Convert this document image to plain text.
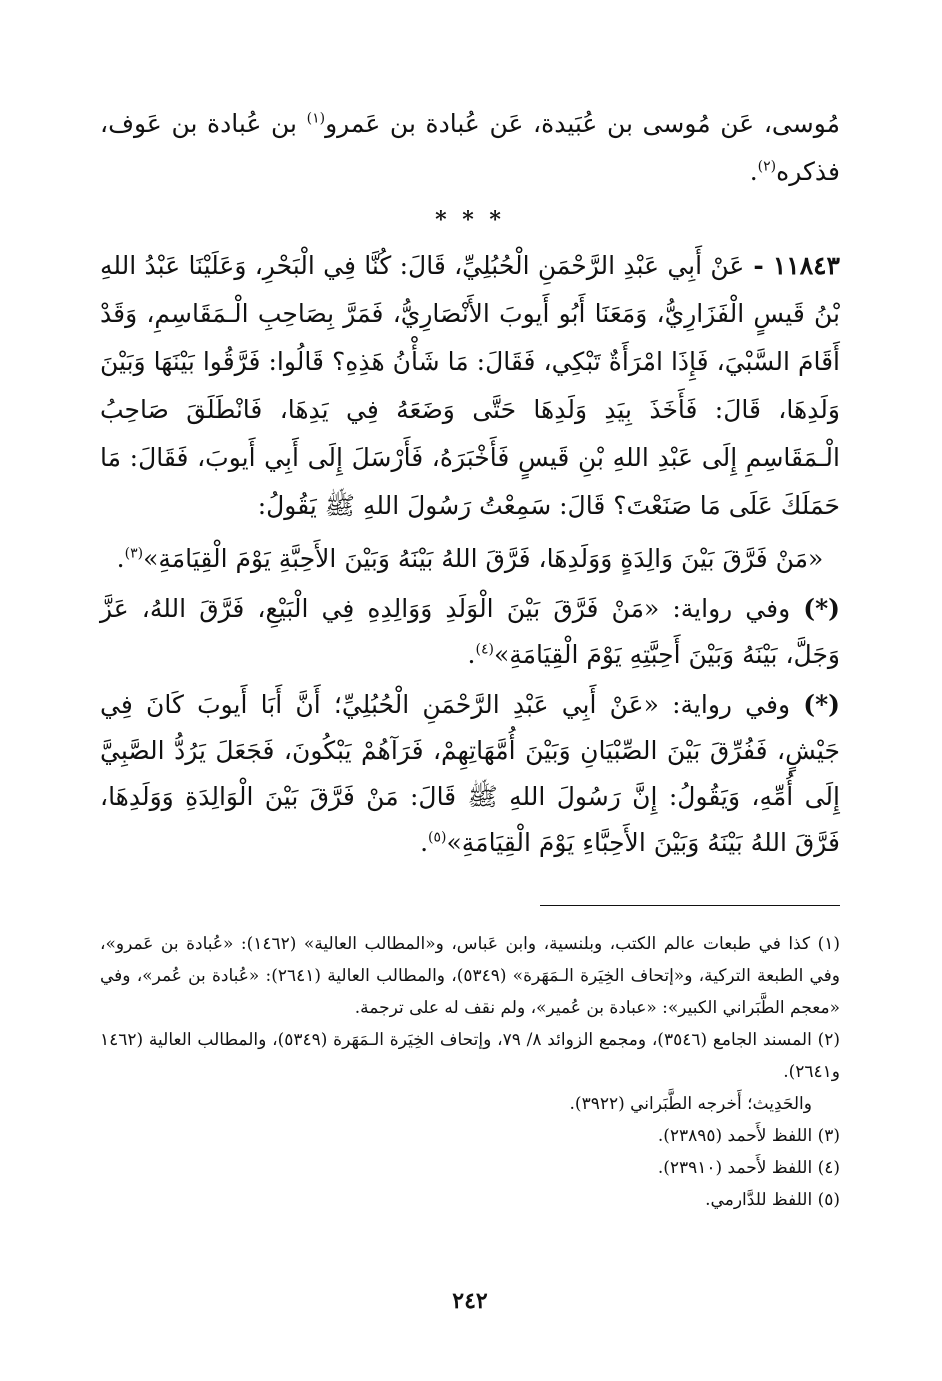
مُوسى، عَن مُوسى بن عُبَيدة، عَن عُبادة بن عَمرو$^{(١)}$ بن عُبادة بن عَوف، فذكره$^{(٢)}$.

* * *

١١٨٤٣ - عَنْ أَبِي عَبْدِ الرَّحْمَنِ الْحُبُلِيِّ، قَالَ: كُنَّا فِي الْبَحْرِ، وَعَلَيْنَا عَبْدُ اللهِ بْنُ قَيسٍ الْفَزَارِيُّ، وَمَعَنَا أَبُو أَيوبَ الأَنْصَارِيُّ، فَمَرَّ بِصَاحِبِ الْـمَقَاسِمِ، وَقَدْ أَقَامَ السَّبْيَ، فَإِذَا امْرَأَةٌ تَبْكِي، فَقَالَ: مَا شَأْنُ هَذِهِ؟ قَالُوا: فَرَّقُوا بَيْنَهَا وَبَيْنَ وَلَدِهَا، قَالَ: فَأَخَذَ بِيَدِ وَلَدِهَا حَتَّى وَضَعَهُ فِي يَدِهَا، فَانْطَلَقَ صَاحِبُ الْـمَقَاسِمِ إِلَى عَبْدِ اللهِ بْنِ قَيسٍ فَأَخْبَرَهُ، فَأَرْسَلَ إِلَى أَبِي أَيوبَ، فَقَالَ: مَا حَمَلَكَ عَلَى مَا صَنَعْتَ؟ قَالَ: سَمِعْتُ رَسُولَ اللهِ ﷺ يَقُولُ:

«مَنْ فَرَّقَ بَيْنَ وَالِدَةٍ وَوَلَدِهَا، فَرَّقَ اللهُ بَيْنَهُ وَبَيْنَ الأَحِبَّةِ يَوْمَ الْقِيَامَةِ»$^{(٣)}$.

(*) وفي رواية: «مَنْ فَرَّقَ بَيْنَ الْوَلَدِ وَوَالِدِهِ فِي الْبَيْعِ، فَرَّقَ اللهُ، عَزَّ وَجَلَّ، بَيْنَهُ وَبَيْنَ أَحِبَّتِهِ يَوْمَ الْقِيَامَةِ»$^{(٤)}$.

(*) وفي رواية: «عَنْ أَبِي عَبْدِ الرَّحْمَنِ الْحُبُلِيِّ؛ أَنَّ أَبَا أَيوبَ كَانَ فِي جَيْشٍ، فَفُرِّقَ بَيْنَ الصِّبْيَانِ وَبَيْنَ أُمَّهَاتِهِمْ، فَرَآهُمْ يَبْكُونَ، فَجَعَلَ يَرُدُّ الصَّبِيَّ إِلَى أُمِّهِ، وَيَقُولُ: إِنَّ رَسُولَ اللهِ ﷺ قَالَ: مَنْ فَرَّقَ بَيْنَ الْوَالِدَةِ وَوَلَدِهَا، فَرَّقَ اللهُ بَيْنَهُ وَبَيْنَ الأَحِبَّاءِ يَوْمَ الْقِيَامَةِ»$^{(٥)}$.

(١) كذا في طبعات عالم الكتب، وبلنسية، وابن عَباس، و«المطالب العالية» (١٤٦٢): «عُبادة بن عَمرو»، وفي الطبعة التركية، و«إتحاف الخِيَرة الـمَهَرة» (٥٣٤٩)، والمطالب العالية (٢٦٤١): «عُبادة بن عُمر»، وفي «معجم الطَّبَراني الكبير»: «عبادة بن عُمير»، ولم نقف له على ترجمة.

(٢) المسند الجامع (٣٥٤٦)، ومجمع الزوائد ٨/ ٧٩، وإتحاف الخِيَرة الـمَهَرة (٥٣٤٩)، والمطالب العالية (١٤٦٢ و٢٦٤١).

والحَدِيث؛ أَخرجه الطَّبَراني (٣٩٢٢).

(٣) اللفظ لأَحمد (٢٣٨٩٥).

(٤) اللفظ لأَحمد (٢٣٩١٠).

(٥) اللفظ للدَّارمي.

٢٤٢
